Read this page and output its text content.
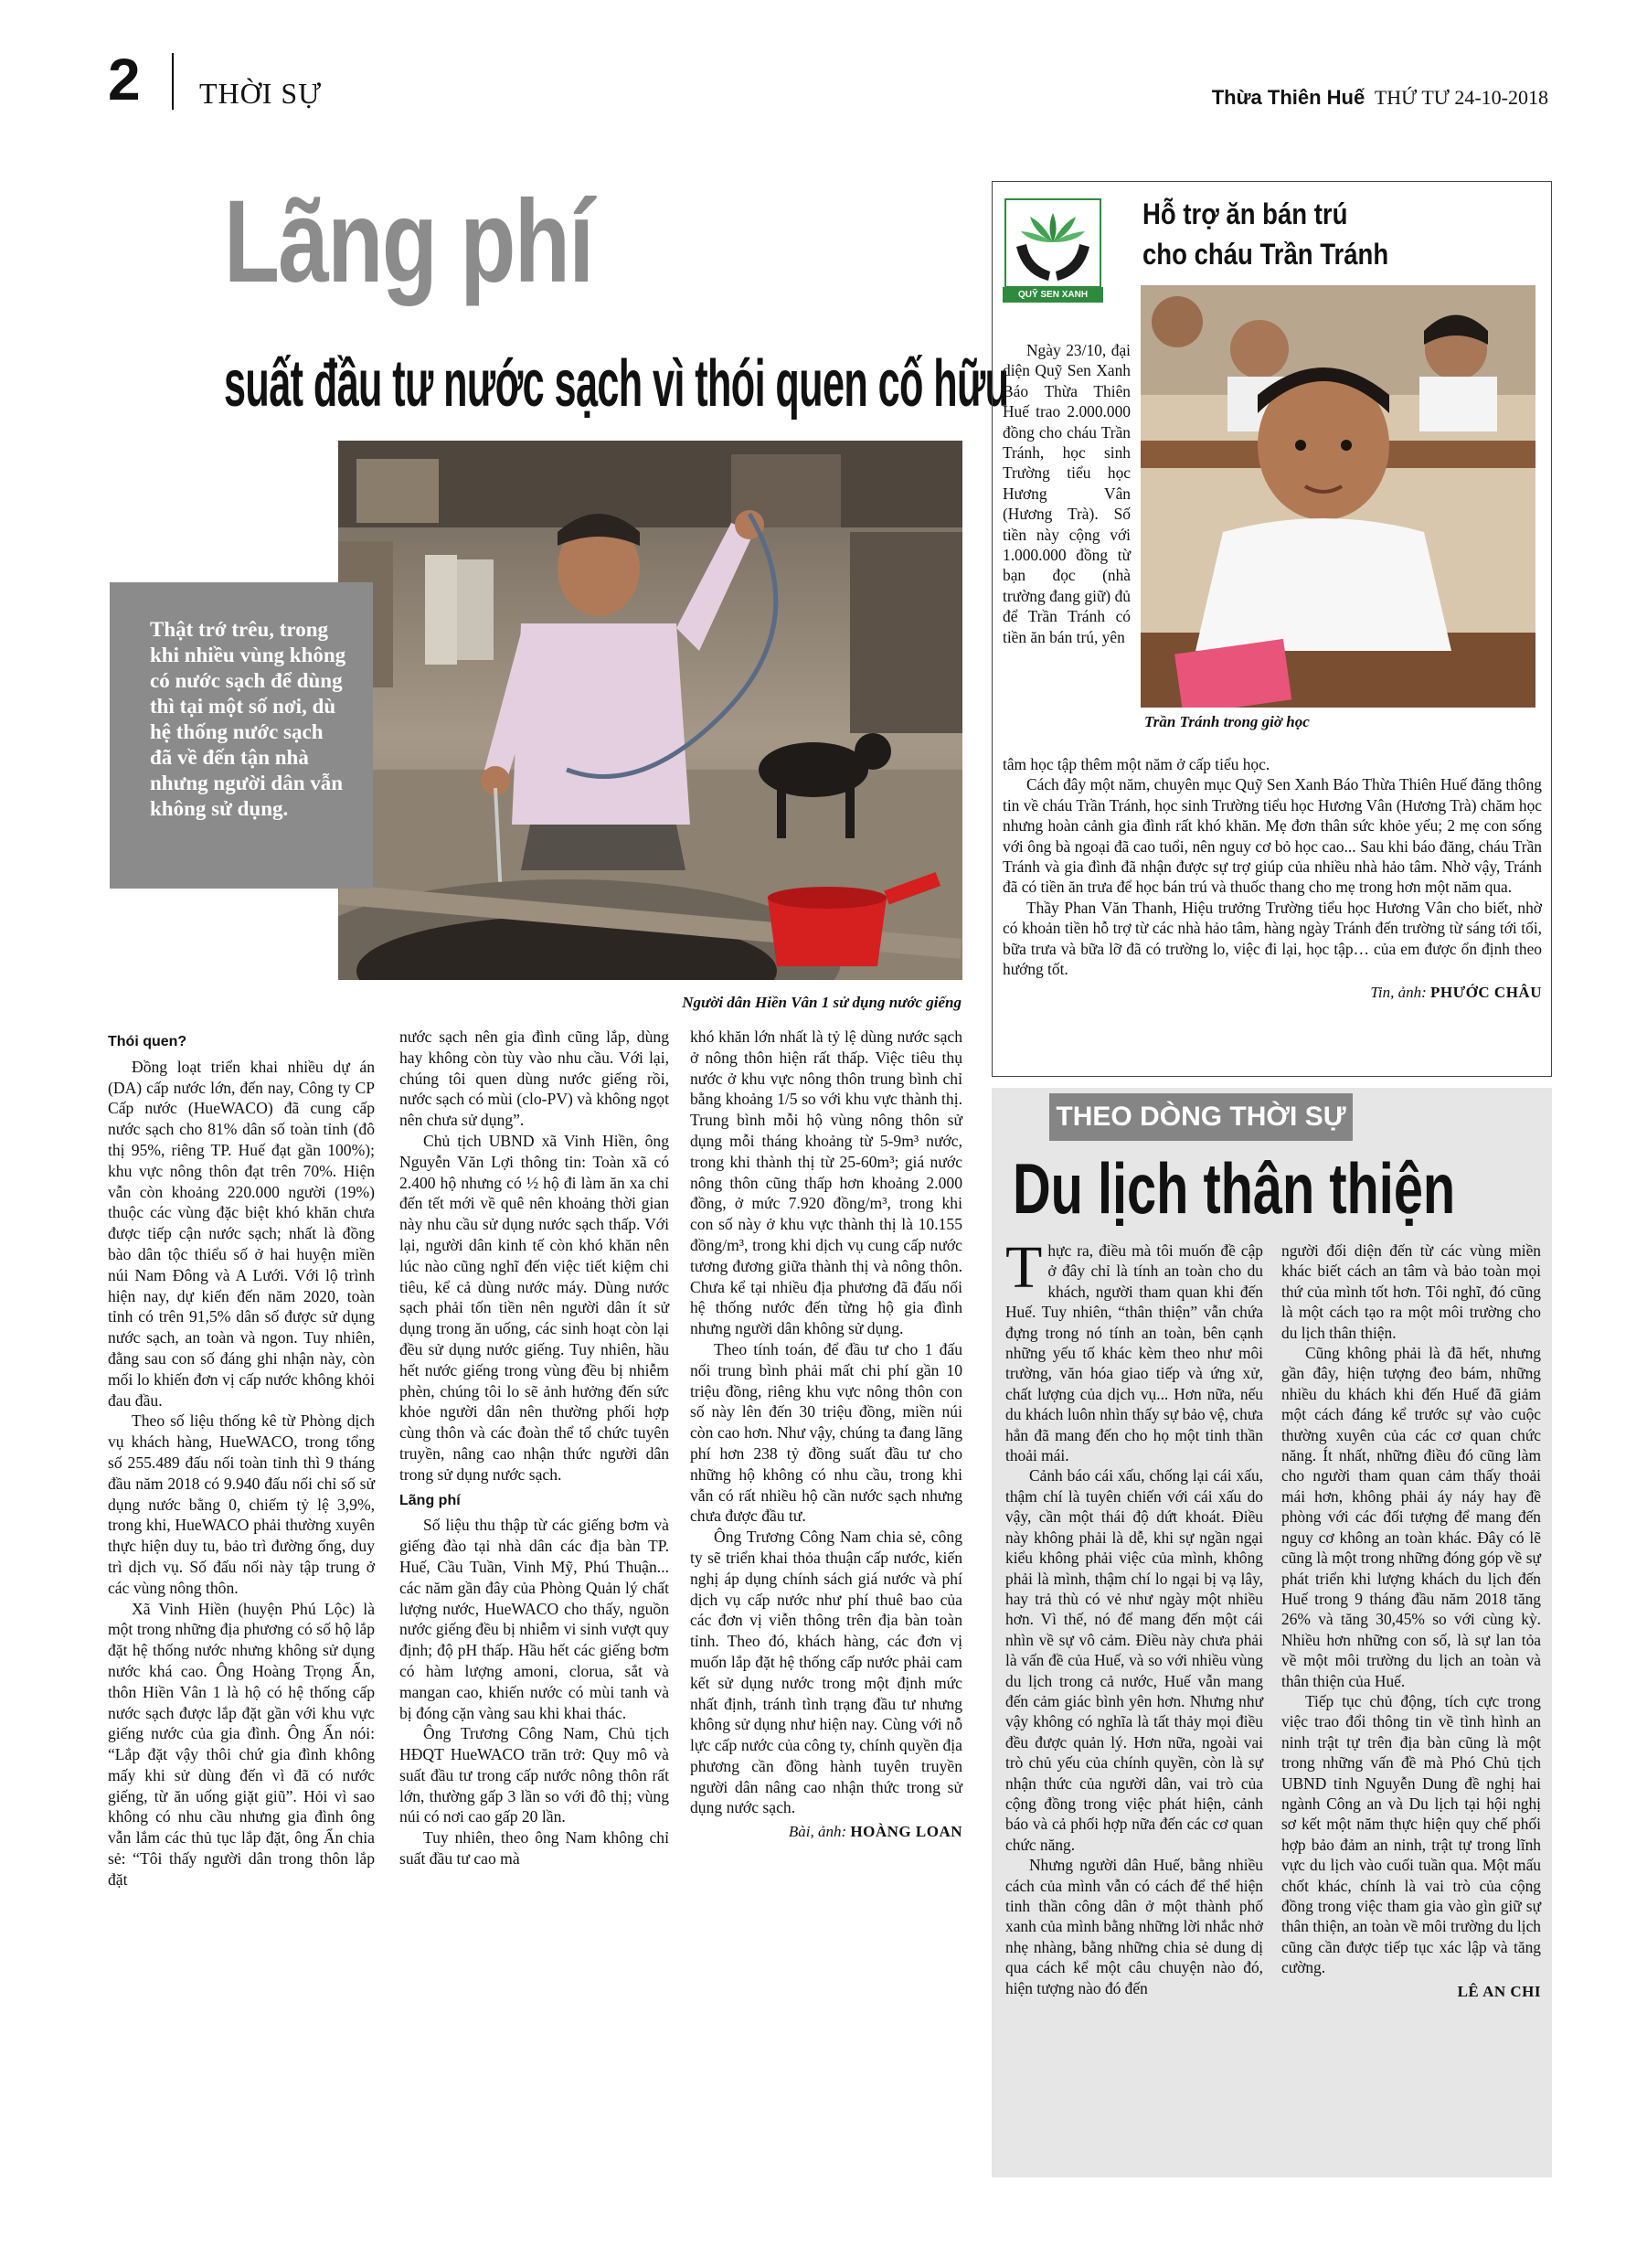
2 THỜI SỰ	Thừa Thiên Huế THỨ TƯ 24-10-2018
Lãng phí
suất đầu tư nước sạch vì thói quen cố hữu
Người dân Hiền Vân 1 sử dụng nước giếng
Thật trớ trêu, trong khi nhiều vùng không có nước sạch để dùng thì tại một số nơi, dù hệ thống nước sạch đã về đến tận nhà nhưng người dân vẫn không sử dụng.
Thói quen?

Đồng loạt triển khai nhiều dự án (DA) cấp nước lớn, đến nay, Công ty CP Cấp nước (HueWACO) đã cung cấp nước sạch cho 81% dân số toàn tỉnh (đô thị 95%, riêng TP. Huế đạt gần 100%); khu vực nông thôn đạt trên 70%. Hiện vẫn còn khoảng 220.000 người (19%) thuộc các vùng đặc biệt khó khăn chưa được tiếp cận nước sạch; nhất là đồng bào dân tộc thiểu số ở hai huyện miền núi Nam Đông và A Lưới. Với lộ trình hiện nay, dự kiến đến năm 2020, toàn tỉnh có trên 91,5% dân số được sử dụng nước sạch, an toàn và ngon. Tuy nhiên, đằng sau con số đáng ghi nhận này, còn mối lo khiến đơn vị cấp nước không khỏi đau đầu.

Theo số liệu thống kê từ Phòng dịch vụ khách hàng, HueWACO, trong tổng số 255.489 đấu nối toàn tỉnh thì 9 tháng đầu năm 2018 có 9.940 đấu nối chỉ số sử dụng nước bằng 0, chiếm tỷ lệ 3,9%, trong khi, HueWACO phải thường xuyên thực hiện duy tu, bảo trì đường ống, duy trì dịch vụ. Số đấu nối này tập trung ở các vùng nông thôn.

Xã Vinh Hiền (huyện Phú Lộc) là một trong những địa phương có số hộ lắp đặt hệ thống nước nhưng không sử dụng nước khá cao. Ông Hoàng Trọng Ẩn, thôn Hiền Vân 1 là hộ có hệ thống cấp nước sạch được lắp đặt gần với khu vực giếng nước của gia đình. Ông Ẩn nói: “Lắp đặt vậy thôi chứ gia đình không mấy khi sử dùng đến vì đã có nước giếng, từ ăn uống giặt giũ”. Hỏi vì sao không có nhu cầu nhưng gia đình ông vẫn lắm các thủ tục lắp đặt, ông Ẩn chia sẻ: “Tôi thấy người dân trong thôn lắp đặt

nước sạch nên gia đình cũng lắp, dùng hay không còn tùy vào nhu cầu. Với lại, chúng tôi quen dùng nước giếng rồi, nước sạch có mùi (clo-PV) và không ngọt nên chưa sử dụng”.

Chủ tịch UBND xã Vinh Hiền, ông Nguyễn Văn Lợi thông tin: Toàn xã có 2.400 hộ nhưng có ½ hộ đi làm ăn xa chỉ đến tết mới về quê nên khoảng thời gian này nhu cầu sử dụng nước sạch thấp. Với lại, người dân kinh tế còn khó khăn nên lúc nào cũng nghĩ đến việc tiết kiệm chi tiêu, kể cả dùng nước máy. Dùng nước sạch phải tốn tiền nên người dân ít sử dụng trong ăn uống, các sinh hoạt còn lại đều sử dụng nước giếng. Tuy nhiên, hầu hết nước giếng trong vùng đều bị nhiễm phèn, chúng tôi lo sẽ ảnh hưởng đến sức khỏe người dân nên thường phối hợp cùng thôn và các đoàn thể tổ chức tuyên truyền, nâng cao nhận thức người dân trong sử dụng nước sạch.

Lãng phí

Số liệu thu thập từ các giếng bơm và giếng đào tại nhà dân các địa bàn TP. Huế, Cầu Tuần, Vinh Mỹ, Phú Thuận... các năm gần đây của Phòng Quản lý chất lượng nước, HueWACO cho thấy, nguồn nước giếng đều bị nhiễm vi sinh vượt quy định; độ pH thấp. Hầu hết các giếng bơm có hàm lượng amoni, clorua, sắt và mangan cao, khiến nước có mùi tanh và bị đóng cặn vàng sau khi khai thác.

Ông Trương Công Nam, Chủ tịch HĐQT HueWACO trăn trở: Quy mô và suất đầu tư trong cấp nước nông thôn rất lớn, thường gấp 3 lần so với đô thị; vùng núi có nơi cao gấp 20 lần.

Tuy nhiên, theo ông Nam không chỉ suất đầu tư cao mà

khó khăn lớn nhất là tỷ lệ dùng nước sạch ở nông thôn hiện rất thấp. Việc tiêu thụ nước ở khu vực nông thôn trung bình chỉ bằng khoảng 1/5 so với khu vực thành thị. Trung bình mỗi hộ vùng nông thôn sử dụng mỗi tháng khoảng từ 5-9m³ nước, trong khi thành thị từ 25-60m³; giá nước nông thôn cũng thấp hơn khoảng 2.000 đồng, ở mức 7.920 đồng/m³, trong khi con số này ở khu vực thành thị là 10.155 đồng/m³, trong khi dịch vụ cung cấp nước tương đương giữa thành thị và nông thôn. Chưa kể tại nhiều địa phương đã đấu nối hệ thống nước đến từng hộ gia đình nhưng người dân không sử dụng.

Theo tính toán, để đầu tư cho 1 đấu nối trung bình phải mất chi phí gần 10 triệu đồng, riêng khu vực nông thôn con số này lên đến 30 triệu đồng, miền núi còn cao hơn. Như vậy, chúng ta đang lãng phí hơn 238 tỷ đồng suất đầu tư cho những hộ không có nhu cầu, trong khi vẫn có rất nhiều hộ cần nước sạch nhưng chưa được đầu tư.

Ông Trương Công Nam chia sẻ, công ty sẽ triển khai thỏa thuận cấp nước, kiến nghị áp dụng chính sách giá nước và phí dịch vụ cấp nước như phí thuê bao của các đơn vị viễn thông trên địa bàn toàn tỉnh. Theo đó, khách hàng, các đơn vị muốn lắp đặt hệ thống cấp nước phải cam kết sử dụng nước trong một định mức nhất định, tránh tình trạng đầu tư nhưng không sử dụng như hiện nay. Cùng với nỗ lực cấp nước của công ty, chính quyền địa phương cần đồng hành tuyên truyền người dân nâng cao nhận thức trong sử dụng nước sạch.

Bài, ảnh: HOÀNG LOAN
QUỸ SEN XANH
Hỗ trợ ăn bán trú
cho cháu Trần Tránh
Trần Tránh trong giờ học

Ngày 23/10, đại diện Quỹ Sen Xanh Báo Thừa Thiên Huế trao 2.000.000 đồng cho cháu Trần Tránh, học sinh Trường tiểu học Hương Vân (Hương Trà). Số tiền này cộng với 1.000.000 đồng từ bạn đọc (nhà trường đang giữ) đủ để Trần Tránh có tiền ăn bán trú, yên

tâm học tập thêm một năm ở cấp tiểu học.

Cách đây một năm, chuyên mục Quỹ Sen Xanh Báo Thừa Thiên Huế đăng thông tin về cháu Trần Tránh, học sinh Trường tiểu học Hương Vân (Hương Trà) chăm học nhưng hoàn cảnh gia đình rất khó khăn. Mẹ đơn thân sức khỏe yếu; 2 mẹ con sống với ông bà ngoại đã cao tuổi, nên nguy cơ bỏ học cao... Sau khi báo đăng, cháu Trần Tránh và gia đình đã nhận được sự trợ giúp của nhiều nhà hảo tâm. Nhờ vậy, Tránh đã có tiền ăn trưa để học bán trú và thuốc thang cho mẹ trong hơn một năm qua.

Thầy Phan Văn Thanh, Hiệu trưởng Trường tiểu học Hương Vân cho biết, nhờ có khoản tiền hỗ trợ từ các nhà hảo tâm, hàng ngày Tránh đến trường từ sáng tới tối, bữa trưa và bữa lỡ đã có trường lo, việc đi lại, học tập… của em được ổn định theo hướng tốt.

Tin, ảnh: PHƯỚC CHÂU
THEO DÒNG THỜI SỰ
Du lịch thân thiện

Thực ra, điều mà tôi muốn đề cập ở đây chỉ là tính an toàn cho du khách, người tham quan khi đến Huế. Tuy nhiên, “thân thiện” vẫn chứa đựng trong nó tính an toàn, bên cạnh những yếu tố khác kèm theo như môi trường, văn hóa giao tiếp và ứng xử, chất lượng của dịch vụ... Hơn nữa, nếu du khách luôn nhìn thấy sự bảo vệ, chưa hẳn đã mang đến cho họ một tinh thần thoải mái.

Cảnh báo cái xấu, chống lại cái xấu, thậm chí là tuyên chiến với cái xấu do vậy, cần một thái độ dứt khoát. Điều này không phải là dễ, khi sự ngần ngại kiểu không phải việc của mình, không phải là mình, thậm chí lo ngại bị vạ lây, hay trả thù có vẻ như ngày một nhiều hơn. Vì thế, nó để mang đến một cái nhìn về sự vô cảm. Điều này chưa phải là vấn đề của Huế, và so với nhiều vùng du lịch trong cả nước, Huế vẫn mang đến cảm giác bình yên hơn. Nhưng như vậy không có nghĩa là tất thảy mọi điều đều được quản lý. Hơn nữa, ngoài vai trò chủ yếu của chính quyền, còn là sự nhận thức của người dân, vai trò của cộng đồng trong việc phát hiện, cảnh báo và cả phối hợp nữa đến các cơ quan chức năng.

Nhưng người dân Huế, bằng nhiều cách của mình vẫn có cách để thể hiện tinh thần công dân ở một thành phố xanh của mình bằng những lời nhắc nhở nhẹ nhàng, bằng những chia sẻ dung dị qua cách kể một câu chuyện nào đó, hiện tượng nào đó đến

người đối diện đến từ các vùng miền khác biết cách an tâm và bảo toàn mọi thứ của mình tốt hơn. Tôi nghĩ, đó cũng là một cách tạo ra một môi trường cho du lịch thân thiện.

Cũng không phải là đã hết, nhưng gần đây, hiện tượng đeo bám, những nhiều du khách khi đến Huế đã giảm một cách đáng kể trước sự vào cuộc thường xuyên của các cơ quan chức năng. Ít nhất, những điều đó cũng làm cho người tham quan cảm thấy thoải mái hơn, không phải áy náy hay đề phòng với các đối tượng để mang đến nguy cơ không an toàn khác. Đây có lẽ cũng là một trong những đóng góp về sự phát triển khi lượng khách du lịch đến Huế trong 9 tháng đầu năm 2018 tăng 26% và tăng 30,45% so với cùng kỳ. Nhiều hơn những con số, là sự lan tỏa về một môi trường du lịch an toàn và thân thiện của Huế.

Tiếp tục chủ động, tích cực trong việc trao đổi thông tin về tình hình an ninh trật tự trên địa bàn cũng là một trong những vấn đề mà Phó Chủ tịch UBND tỉnh Nguyễn Dung đề nghị hai ngành Công an và Du lịch tại hội nghị sơ kết một năm thực hiện quy chế phối hợp bảo đảm an ninh, trật tự trong lĩnh vực du lịch vào cuối tuần qua. Một mấu chốt khác, chính là vai trò của cộng đồng trong việc tham gia vào gìn giữ sự thân thiện, an toàn về môi trường du lịch cũng cần được tiếp tục xác lập và tăng cường.

LÊ AN CHI
